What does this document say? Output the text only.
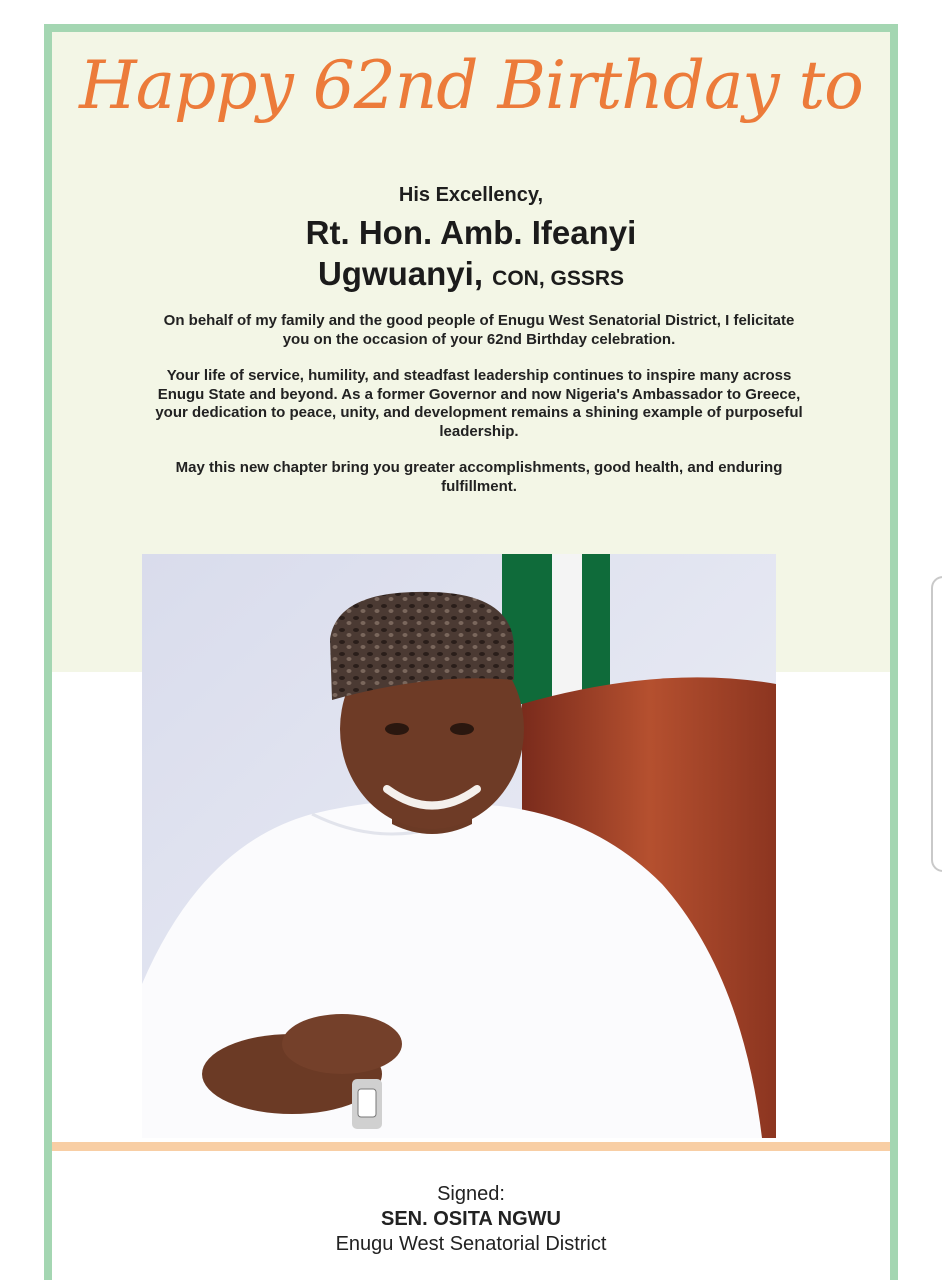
Happy 62nd Birthday to
His Excellency,
Rt. Hon. Amb. Ifeanyi
Ugwuanyi, CON, GSSRS

On behalf of my family and the good people of Enugu West Senatorial District, I felicitate you on the occasion of your 62nd Birthday celebration.

Your life of service, humility, and steadfast leadership continues to inspire many across Enugu State and beyond. As a former Governor and now Nigeria's Ambassador to Greece, your dedication to peace, unity, and development remains a shining example of purposeful leadership.

May this new chapter bring you greater accomplishments, good health, and enduring fulfillment.

Signed:
SEN. OSITA NGWU
Enugu West Senatorial District
